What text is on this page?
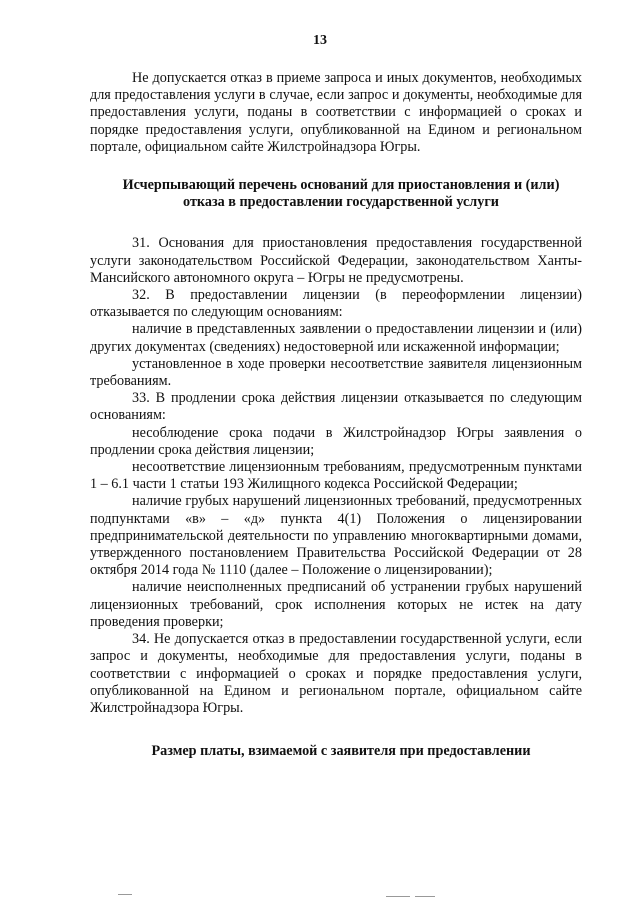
13

Не допускается отказ в приеме запроса и иных документов, необходимых для предоставления услуги в случае, если запрос и документы, необходимые для предоставления услуги, поданы в соответствии с информацией о сроках и порядке предоставления услуги, опубликованной на Едином и региональном портале, официальном сайте Жилстройнадзора Югры.

Исчерпывающий перечень оснований для приостановления и (или) отказа в предоставлении государственной услуги

31. Основания для приостановления предоставления государственной услуги законодательством Российской Федерации, законодательством Ханты-Мансийского автономного округа – Югры не предусмотрены.

32. В предоставлении лицензии (в переоформлении лицензии) отказывается по следующим основаниям:

наличие в представленных заявлении о предоставлении лицензии и (или) других документах (сведениях) недостоверной или искаженной информации;

установленное в ходе проверки несоответствие заявителя лицензионным требованиям.

33. В продлении срока действия лицензии отказывается по следующим основаниям:

несоблюдение срока подачи в Жилстройнадзор Югры заявления о продлении срока действия лицензии;

несоответствие лицензионным требованиям, предусмотренным пунктами 1 – 6.1 части 1 статьи 193 Жилищного кодекса Российской Федерации;

наличие грубых нарушений лицензионных требований, предусмотренных подпунктами «в» – «д» пункта 4(1) Положения о лицензировании предпринимательской деятельности по управлению многоквартирными домами, утвержденного постановлением Правительства Российской Федерации от 28 октября 2014 года № 1110 (далее – Положение о лицензировании);

наличие неисполненных предписаний об устранении грубых нарушений лицензионных требований, срок исполнения которых не истек на дату проведения проверки;

34. Не допускается отказ в предоставлении государственной услуги, если запрос и документы, необходимые для предоставления услуги, поданы в соответствии с информацией о сроках и порядке предоставления услуги, опубликованной на Едином и региональном портале, официальном сайте Жилстройнадзора Югры.

Размер платы, взимаемой с заявителя при предоставлении
